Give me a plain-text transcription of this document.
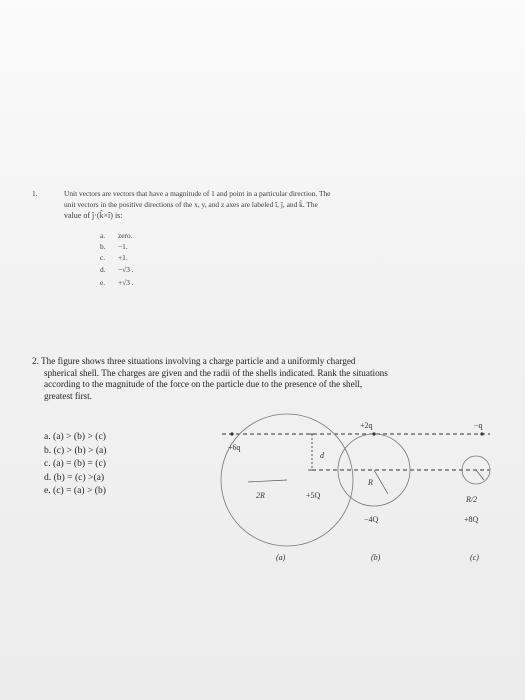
1.	Unit vectors are vectors that have a magnitude of 1 and point in a particular direction. The
unit vectors in the positive directions of the x, y, and z axes are labeled î, ĵ, and k̂. The
value of ĵ·(k̂×î) is:
a. zero.
b. −1.
c. +1.
d. −√3 .
e. +√3 .
2. The figure shows three situations involving a charge particle and a uniformly charged
spherical shell. The charges are given and the radii of the shells indicated. Rank the situations
according to the magnitude of the force on the particle due to the presence of the shell,
greatest first.
a. (a) > (b) > (c)
b. (c) > (b) > (a)
c. (a) = (b) = (c)
d. (b) = (c) >(a)
e. (c) = (a) > (b)
+6q
+2q	−q
d
2R
R
R/2
+5Q
−4Q	+8Q
(a)	(b)	(c)
